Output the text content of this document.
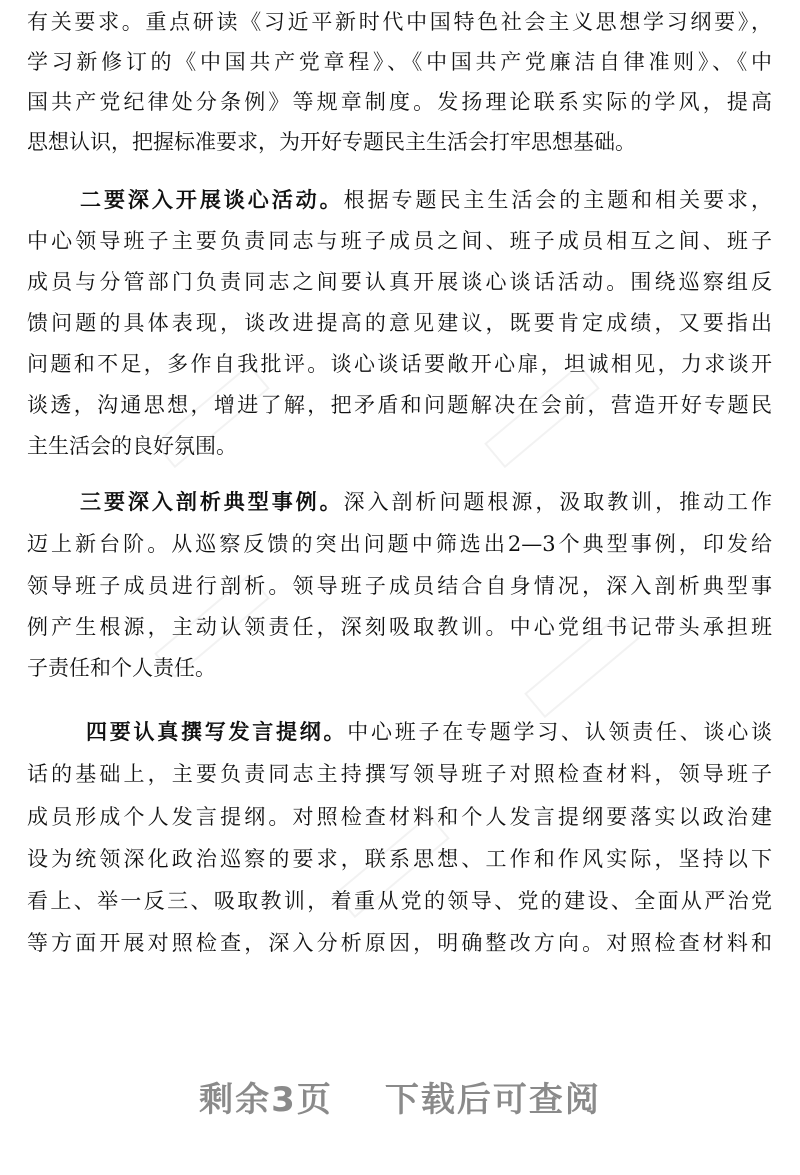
有关要求。重点研读《习近平新时代中国特色社会主义思想学习纲要》，
学习新修订的《中国共产党章程》、《中国共产党廉洁自律准则》、《中
国共产党纪律处分条例》等规章制度。发扬理论联系实际的学风，提高
思想认识，把握标准要求，为开好专题民主生活会打牢思想基础。
二要深入开展谈心活动。根据专题民主生活会的主题和相关要求，
中心领导班子主要负责同志与班子成员之间、班子成员相互之间、班子
成员与分管部门负责同志之间要认真开展谈心谈话活动。围绕巡察组反
馈问题的具体表现，谈改进提高的意见建议，既要肯定成绩，又要指出
问题和不足，多作自我批评。谈心谈话要敞开心扉，坦诚相见，力求谈开
谈透，沟通思想，增进了解，把矛盾和问题解决在会前，营造开好专题民
主生活会的良好氛围。
三要深入剖析典型事例。深入剖析问题根源，汲取教训，推动工作
迈上新台阶。从巡察反馈的突出问题中筛选出2—3个典型事例，印发给
领导班子成员进行剖析。领导班子成员结合自身情况，深入剖析典型事
例产生根源，主动认领责任，深刻吸取教训。中心党组书记带头承担班
子责任和个人责任。
四要认真撰写发言提纲。中心班子在专题学习、认领责任、谈心谈
话的基础上，主要负责同志主持撰写领导班子对照检查材料，领导班子
成员形成个人发言提纲。对照检查材料和个人发言提纲要落实以政治建
设为统领深化政治巡察的要求，联系思想、工作和作风实际，坚持以下
看上、举一反三、吸取教训，着重从党的领导、党的建设、全面从严治党
等方面开展对照检查，深入分析原因，明确整改方向。对照检查材料和
剩余3页 下载后可查阅
